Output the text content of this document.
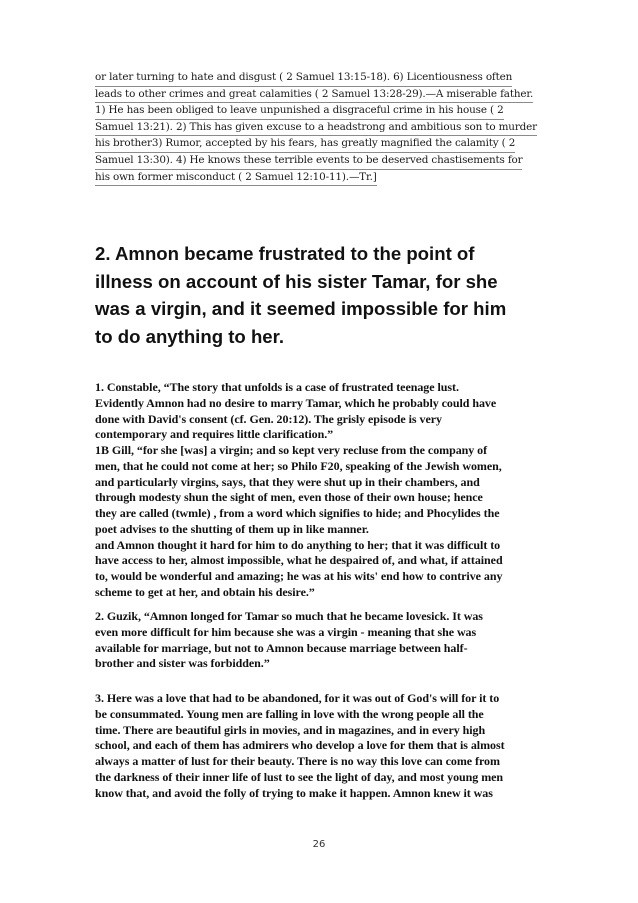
or later turning to hate and disgust ( 2 Samuel 13:15-18). 6) Licentiousness often
leads to other crimes and great calamities ( 2 Samuel 13:28-29).—A miserable father.
1) He has been obliged to leave unpunished a disgraceful crime in his house ( 2
Samuel 13:21). 2) This has given excuse to a headstrong and ambitious son to murder
his brother3) Rumor, accepted by his fears, has greatly magnified the calamity ( 2
Samuel 13:30). 4) He knows these terrible events to be deserved chastisements for
his own former misconduct ( 2 Samuel 12:10-11).—Tr.]
2. Amnon became frustrated to the point of
illness on account of his sister Tamar, for she
was a virgin, and it seemed impossible for him
to do anything to her.
1. Constable, “The story that unfolds is a case of frustrated teenage lust.
Evidently Amnon had no desire to marry Tamar, which he probably could have
done with David's consent (cf. Gen. 20:12). The grisly episode is very
contemporary and requires little clarification.”
1B Gill, “for she [was] a virgin; and so kept very recluse from the company of
men, that he could not come at her; so Philo F20, speaking of the Jewish women,
and particularly virgins, says, that they were shut up in their chambers, and
through modesty shun the sight of men, even those of their own house; hence
they are called (twmle) , from a word which signifies to hide; and Phocylides the
poet advises to the shutting of them up in like manner.
and Amnon thought it hard for him to do anything to her; that it was difficult to
have access to her, almost impossible, what he despaired of, and what, if attained
to, would be wonderful and amazing; he was at his wits' end how to contrive any
scheme to get at her, and obtain his desire.”
2. Guzik, “Amnon longed for Tamar so much that he became lovesick. It was
even more difficult for him because she was a virgin - meaning that she was
available for marriage, but not to Amnon because marriage between half-
brother and sister was forbidden.”
3. Here was a love that had to be abandoned, for it was out of God's will for it to
be consummated. Young men are falling in love with the wrong people all the
time. There are beautiful girls in movies, and in magazines, and in every high
school, and each of them has admirers who develop a love for them that is almost
always a matter of lust for their beauty. There is no way this love can come from
the darkness of their inner life of lust to see the light of day, and most young men
know that, and avoid the folly of trying to make it happen. Amnon knew it was
26
